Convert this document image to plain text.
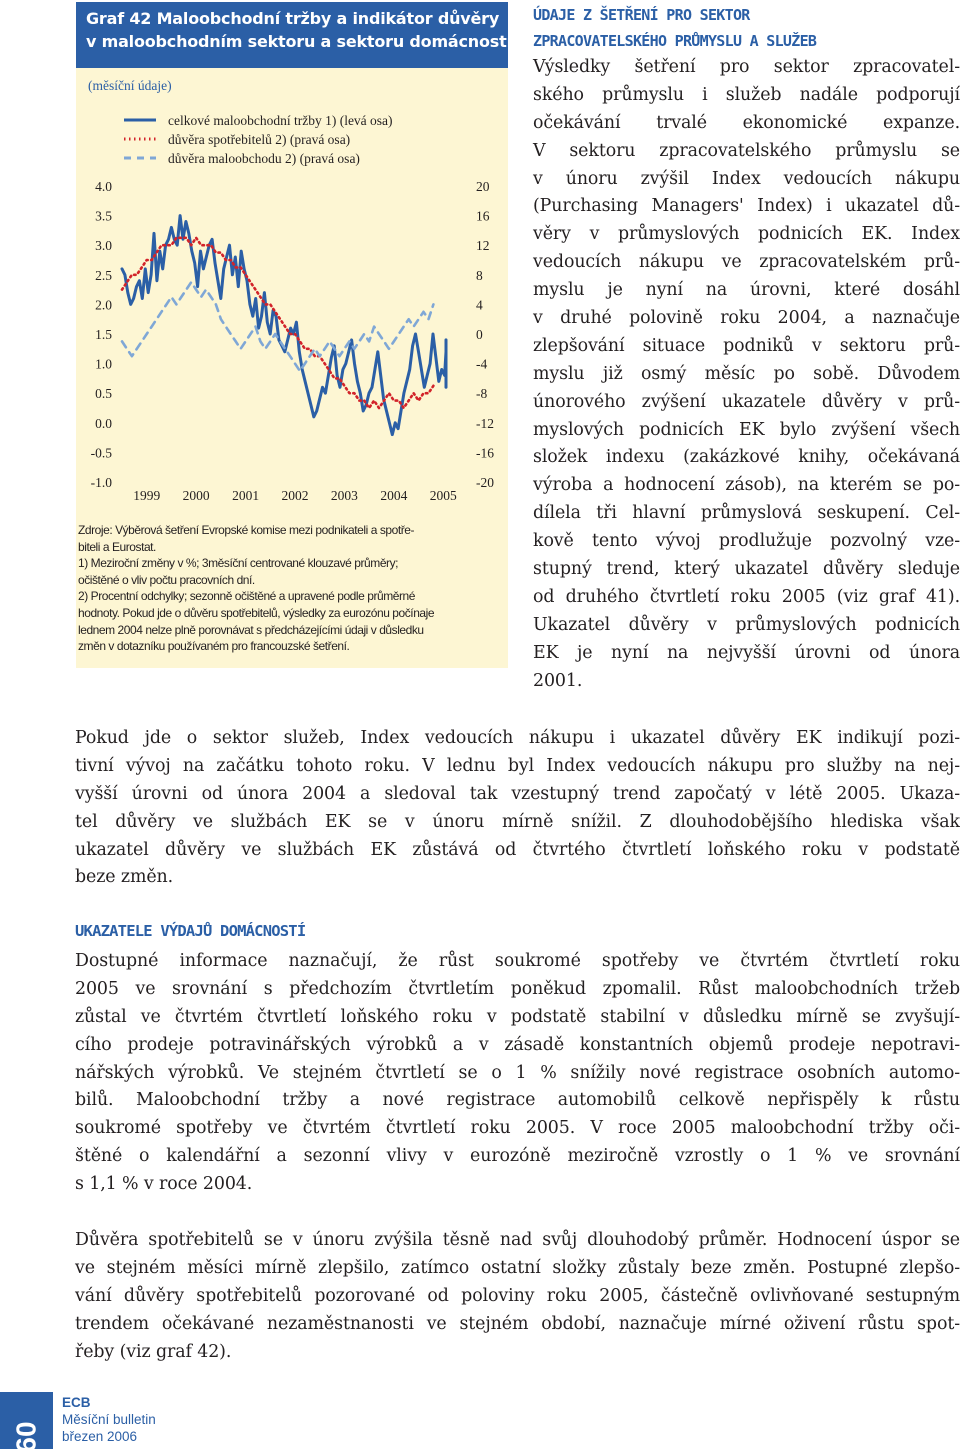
Graf 42 Maloobchodní tržby a indikátor důvěry
v maloobchodním sektoru a sektoru domácností
(měsíční údaje)
celkové maloobchodní tržby 1) (levá osa)
důvěra spotřebitelů 2) (pravá osa)
důvěra maloobchodu 2) (pravá osa)
4.0
3.5
3.0
2.5
2.0
1.5
1.0
0.5
0.0
-0.5
-1.0
20
16
12
8
4
0
-4
-8
-12
-16
-20
1999 2000 2001 2002 2003 2004 2005
Zdroje: Výběrová šetření Evropské komise mezi podnikateli a spotře-
biteli a Eurostat.
1) Meziroční změny v %; 3měsíční centrované klouzavé průměry;
očištěné o vliv počtu pracovních dní.
2) Procentní odchylky; sezonně očištěné a upravené podle průměrné
hodnoty. Pokud jde o důvěru spotřebitelů, výsledky za eurozónu počínaje
lednem 2004 nelze plně porovnávat s předcházejícími údaji v důsledku
změn v dotazníku používaném pro francouzské šetření.
ÚDAJE Z ŠETŘENÍ PRO SEKTOR
ZPRACOVATELSKÉHO PRŮMYSLU A SLUŽEB
Výsledky šetření pro sektor zpracovatel-
ského průmyslu i služeb nadále podporují
očekávání trvalé ekonomické expanze.
V sektoru zpracovatelského průmyslu se
v únoru zvýšil Index vedoucích nákupu
(Purchasing Managers' Index) i ukazatel dů-
věry v průmyslových podnicích EK. Index
vedoucích nákupu ve zpracovatelském prů-
myslu je nyní na úrovni, které dosáhl
v druhé polovině roku 2004, a naznačuje
zlepšování situace podniků v sektoru prů-
myslu již osmý měsíc po sobě. Důvodem
únorového zvýšení ukazatele důvěry v prů-
myslových podnicích EK bylo zvýšení všech
složek indexu (zakázkové knihy, očekávaná
výroba a hodnocení zásob), na kterém se po-
dílela tři hlavní průmyslová seskupení. Cel-
kově tento vývoj prodlužuje pozvolný vze-
stupný trend, který ukazatel důvěry sleduje
od druhého čtvrtletí roku 2005 (viz graf 41).
Ukazatel důvěry v průmyslových podnicích
EK je nyní na nejvyšší úrovni od února
2001.
Pokud jde o sektor služeb, Index vedoucích nákupu i ukazatel důvěry EK indikují pozi-
tivní vývoj na začátku tohoto roku. V lednu byl Index vedoucích nákupu pro služby na nej-
vyšší úrovni od února 2004 a sledoval tak vzestupný trend započatý v létě 2005. Ukaza-
tel důvěry ve službách EK se v únoru mírně snížil. Z dlouhodobějšího hlediska však
ukazatel důvěry ve službách EK zůstává od čtvrtého čtvrtletí loňského roku v podstatě
beze změn.
UKAZATELE VÝDAJŮ DOMÁCNOSTÍ
Dostupné informace naznačují, že růst soukromé spotřeby ve čtvrtém čtvrtletí roku
2005 ve srovnání s předchozím čtvrtletím poněkud zpomalil. Růst maloobchodních tržeb
zůstal ve čtvrtém čtvrtletí loňského roku v podstatě stabilní v důsledku mírně se zvyšují-
cího prodeje potravinářských výrobků a v zásadě konstantních objemů prodeje nepotravi-
nářských výrobků. Ve stejném čtvrtletí se o 1 % snížily nové registrace osobních automo-
bilů. Maloobchodní tržby a nové registrace automobilů celkově nepřispěly k růstu
soukromé spotřeby ve čtvrtém čtvrtletí roku 2005. V roce 2005 maloobchodní tržby oči-
štěné o kalendářní a sezonní vlivy v eurozóně meziročně vzrostly o 1 % ve srovnání
s 1,1 % v roce 2004.
Důvěra spotřebitelů se v únoru zvýšila těsně nad svůj dlouhodobý průměr. Hodnocení úspor se
ve stejném měsíci mírně zlepšilo, zatímco ostatní složky zůstaly beze změn. Postupné zlepšo-
vání důvěry spotřebitelů pozorované od poloviny roku 2005, částečně ovlivňované sestupným
trendem očekávané nezaměstnanosti ve stejném období, naznačuje mírné oživení růstu spot-
řeby (viz graf 42).
60
ECB
Měsíční bulletin
březen 2006
